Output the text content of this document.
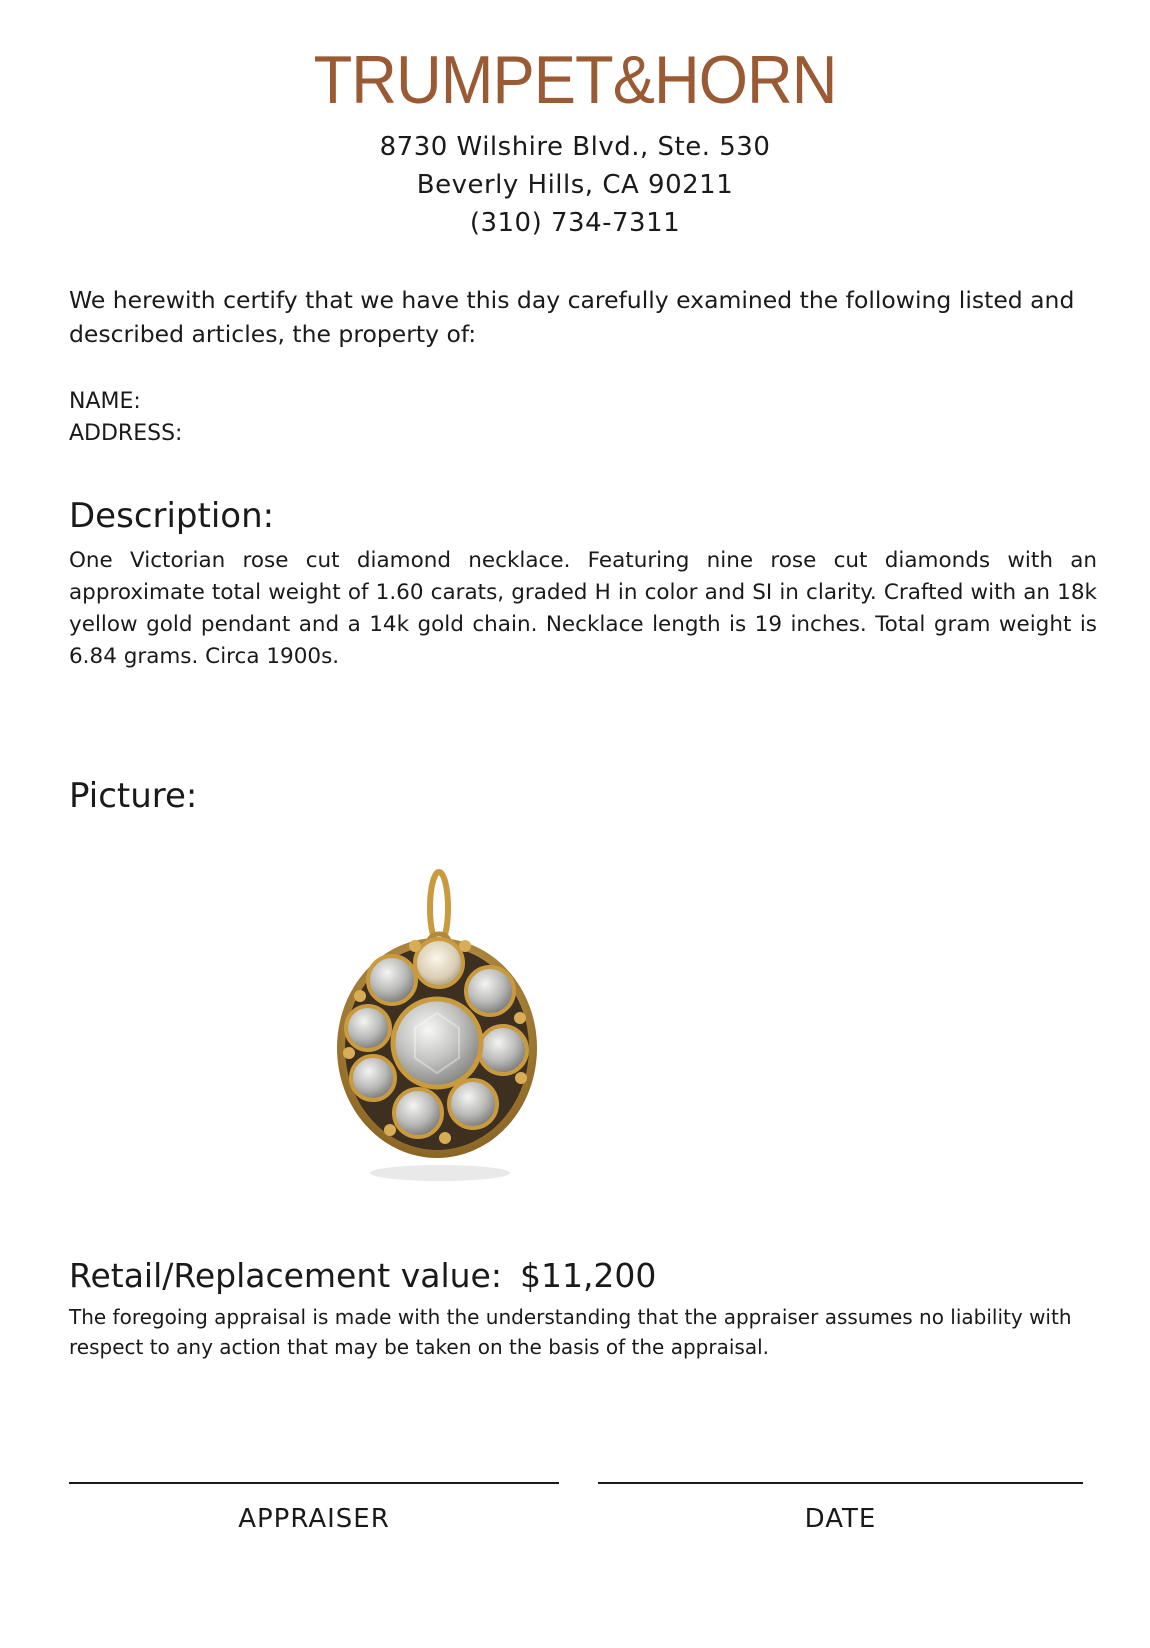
TRUMPET&HORN
8730 Wilshire Blvd., Ste. 530
Beverly Hills, CA 90211
(310) 734-7311
We herewith certify that we have this day carefully examined the following listed and described articles, the property of:
NAME:
ADDRESS:
Description:
One Victorian rose cut diamond necklace. Featuring nine rose cut diamonds with an approximate total weight of 1.60 carats, graded H in color and SI in clarity. Crafted with an 18k yellow gold pendant and a 14k gold chain. Necklace length is 19 inches. Total gram weight is 6.84 grams. Circa 1900s.
Picture:
Retail/Replacement value: $11,200
The foregoing appraisal is made with the understanding that the appraiser assumes no liability with respect to any action that may be taken on the basis of the appraisal.
APPRAISER	DATE
